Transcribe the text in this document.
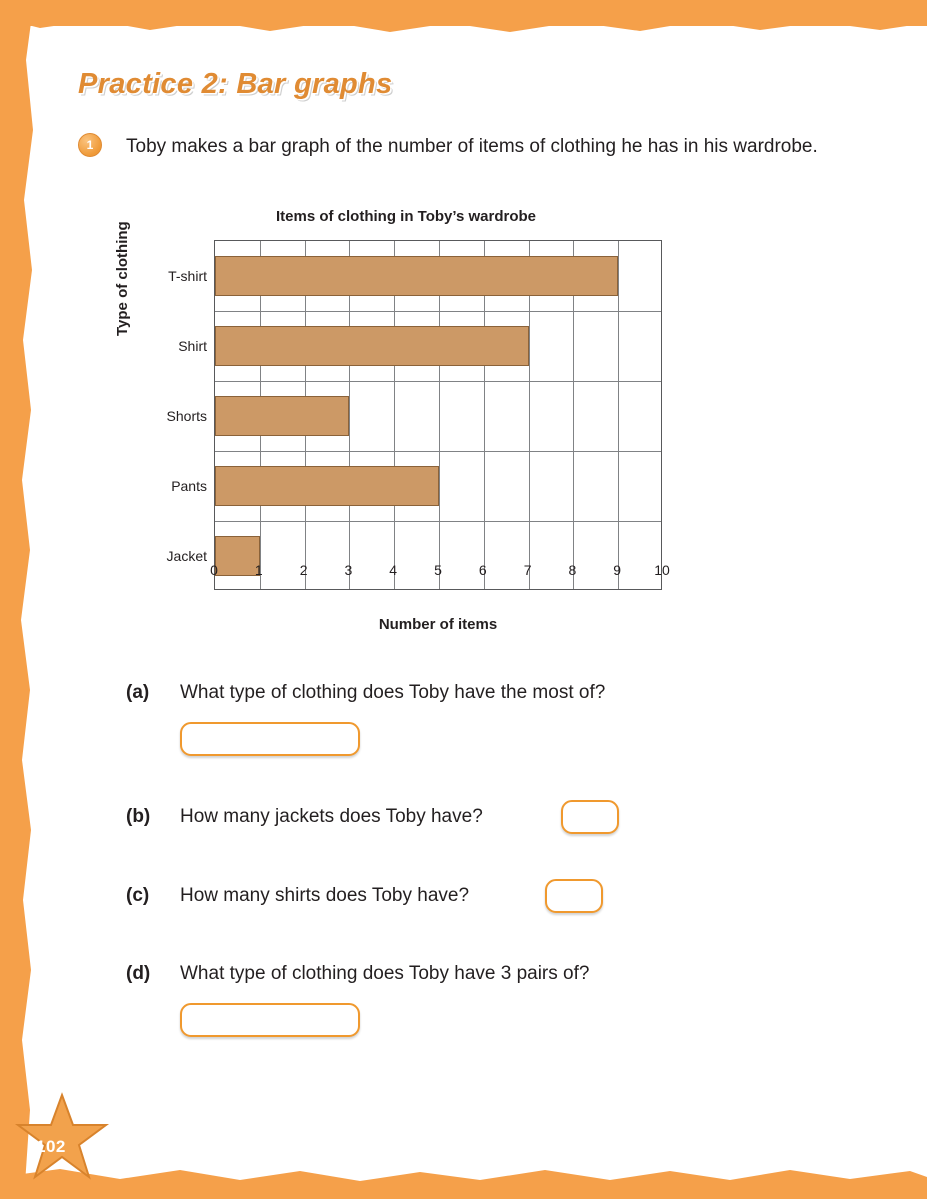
102
Practice 2: Bar graphs
1	Toby makes a bar graph of the number of items of clothing he has in his wardrobe.
Items of clothing in Toby’s wardrobe
Type of clothing	T-shirt
Shirt
Shorts
Pants
Jacket
0	1	2	3	4	5	6	7	8	9 10
Number of items
(a) What type of clothing does Toby have the most of?
(b) How many jackets does Toby have?
(c) How many shirts does Toby have?
(d) What type of clothing does Toby have 3 pairs of?
